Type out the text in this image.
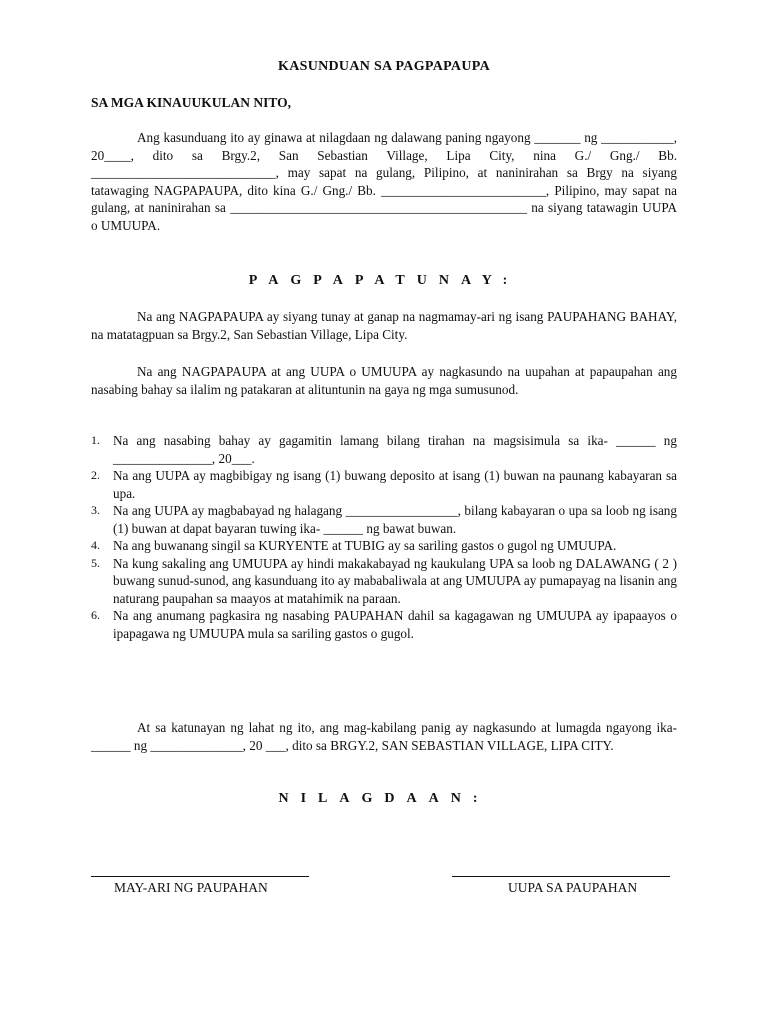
KASUNDUAN SA PAGPAPAUPA
SA MGA KINAUUKULAN NITO,

Ang kasunduang ito ay ginawa at nilagdaan ng dalawang paning ngayong _______ ng ___________, 20____, dito sa Brgy.2, San Sebastian Village, Lipa City, nina G./ Gng./ Bb. ____________________________, may sapat na gulang, Pilipino, at naninirahan sa Brgy na siyang tatawaging NAGPAPAUPA, dito kina G./ Gng./ Bb. _________________________, Pilipino, may sapat na gulang, at naninirahan sa _____________________________________________ na siyang tatawagin UUPA o UMUUPA.

PAGPAPATUNAY:

Na ang NAGPAPAUPA ay siyang tunay at ganap na nagmamay-ari ng isang PAUPAHANG BAHAY, na matatagpuan sa Brgy.2, San Sebastian Village, Lipa City.

Na ang NAGPAPAUPA at ang UUPA o UMUUPA ay nagkasundo na uupahan at papaupahan ang nasabing bahay sa ilalim ng patakaran at alituntunin na gaya ng mga sumusunod.

1. Na ang nasabing bahay ay gagamitin lamang bilang tirahan na magsisimula sa ika- ______ ng _______________, 20___.
2. Na ang UUPA ay magbibigay ng isang (1) buwang deposito at isang (1) buwan na paunang kabayaran sa upa.
3. Na ang UUPA ay magbabayad ng halagang _________________, bilang kabayaran o upa sa loob ng isang (1) buwan at dapat bayaran tuwing ika- ______ ng bawat buwan.
4. Na ang buwanang singil sa KURYENTE at TUBIG ay sa sariling gastos o gugol ng UMUUPA.
5. Na kung sakaling ang UMUUPA ay hindi makakabayad ng kaukulang UPA sa loob ng DALAWANG ( 2 ) buwang sunud-sunod, ang kasunduang ito ay mababaliwala at ang UMUUPA ay pumapayag na lisanin ang naturang paupahan sa maayos at matahimik na paraan.
6. Na ang anumang pagkasira ng nasabing PAUPAHAN dahil sa kagagawan ng UMUUPA ay ipapaayos o ipapagawa ng UMUUPA mula sa sariling gastos o gugol.

At sa katunayan ng lahat ng ito, ang mag-kabilang panig ay nagkasundo at lumagda ngayong ika- ______ ng ______________, 20 ___, dito sa BRGY.2, SAN SEBASTIAN VILLAGE, LIPA CITY.

NILAGDAAN:
MAY-ARI NG PAUPAHAN	UUPA SA PAUPAHAN
